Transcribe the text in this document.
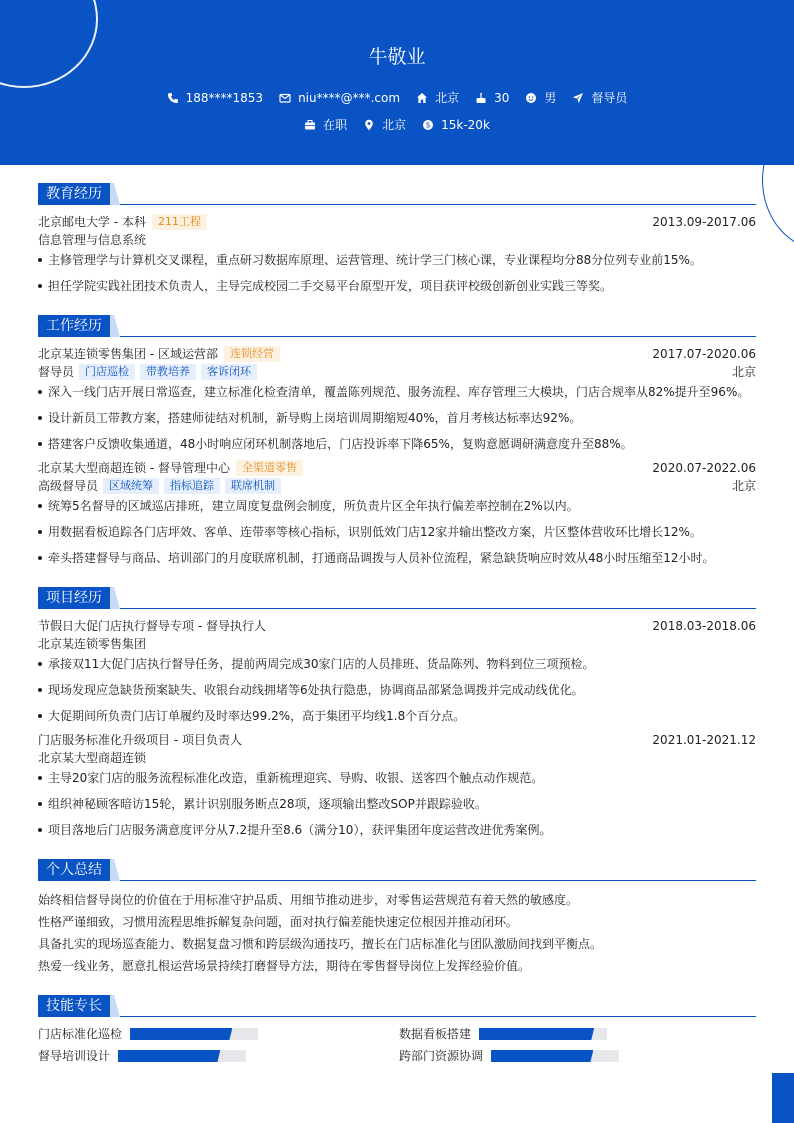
牛敬业
188****1853	niu****@***.com	北京	30	男	督导员
在职	北京	$ 15k-20k
教育经历
北京邮电大学 - 本科	211工程	2013.09-2017.06
信息管理与信息系统
主修管理学与计算机交叉课程，重点研习数据库原理、运营管理、统计学三门核心课，专业课程均分88分位列专业前15%。
担任学院实践社团技术负责人，主导完成校园二手交易平台原型开发，项目获评校级创新创业实践三等奖。
工作经历
北京某连锁零售集团 - 区域运营部	连锁经营	2017.07-2020.06
督导员	门店巡检	带教培养	客诉闭环	北京
深入一线门店开展日常巡查，建立标准化检查清单，覆盖陈列规范、服务流程、库存管理三大模块，门店合规率从82%提升至96%。
设计新员工带教方案，搭建师徒结对机制，新导购上岗培训周期缩短40%，首月考核达标率达92%。
搭建客户反馈收集通道，48小时响应闭环机制落地后，门店投诉率下降65%，复购意愿调研满意度升至88%。
北京某大型商超连锁 - 督导管理中心	全渠道零售	2020.07-2022.06
高级督导员	区域统筹	指标追踪	联席机制	北京
统筹5名督导的区域巡店排班，建立周度复盘例会制度，所负责片区全年执行偏差率控制在2%以内。
用数据看板追踪各门店坪效、客单、连带率等核心指标，识别低效门店12家并输出整改方案，片区整体营收环比增长12%。
牵头搭建督导与商品、培训部门的月度联席机制，打通商品调拨与人员补位流程，紧急缺货响应时效从48小时压缩至12小时。
项目经历
节假日大促门店执行督导专项 - 督导执行人	2018.03-2018.06
北京某连锁零售集团
承接双11大促门店执行督导任务，提前两周完成30家门店的人员排班、货品陈列、物料到位三项预检。
现场发现应急缺货预案缺失、收银台动线拥堵等6处执行隐患，协调商品部紧急调拨并完成动线优化。
大促期间所负责门店订单履约及时率达99.2%，高于集团平均线1.8个百分点。
门店服务标准化升级项目 - 项目负责人	2021.01-2021.12
北京某大型商超连锁
主导20家门店的服务流程标准化改造，重新梳理迎宾、导购、收银、送客四个触点动作规范。
组织神秘顾客暗访15轮，累计识别服务断点28项，逐项输出整改SOP并跟踪验收。
项目落地后门店服务满意度评分从7.2提升至8.6（满分10），获评集团年度运营改进优秀案例。
个人总结
始终相信督导岗位的价值在于用标准守护品质、用细节推动进步，对零售运营规范有着天然的敏感度。
性格严谨细致，习惯用流程思维拆解复杂问题，面对执行偏差能快速定位根因并推动闭环。
具备扎实的现场巡查能力、数据复盘习惯和跨层级沟通技巧，擅长在门店标准化与团队激励间找到平衡点。
热爱一线业务，愿意扎根运营场景持续打磨督导方法，期待在零售督导岗位上发挥经验价值。
技能专长
门店标准化巡检	数据看板搭建
督导培训设计	跨部门资源协调
